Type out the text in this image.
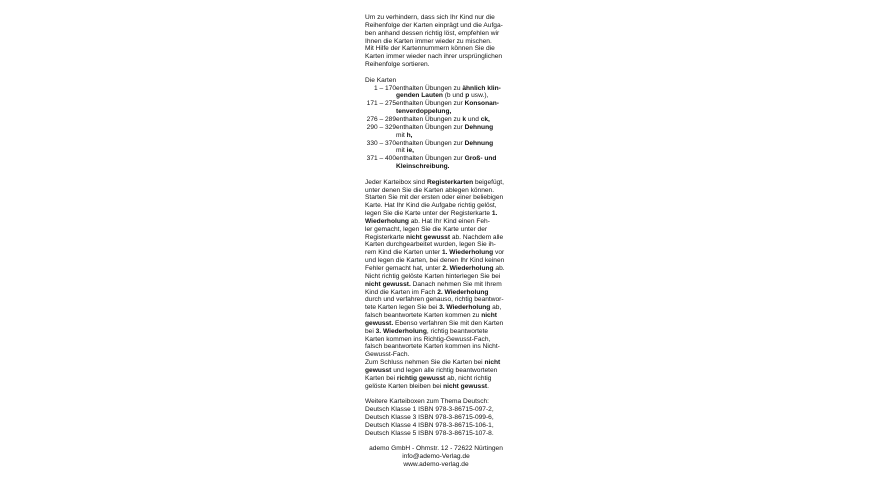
Um zu verhindern, dass sich Ihr Kind nur die

Reihenfolge der Karten einprägt und die Aufga-

ben anhand dessen richtig löst, empfehlen wir

Ihnen die Karten immer wieder zu mischen.

Mit Hilfe der Kartennummern können Sie die

Karten immer wieder nach ihrer ursprünglichen

Reihenfolge sortieren.

Die Karten

1 – 170 enthalten Übungen zu ähnlich klin-

genden Lauten (b und p usw.),

171 – 275 enthalten Übungen zur Konsonan-

tenverdoppelung,

276 – 289 enthalten Übungen zu k und ck,
290 – 329 enthalten Übungen zur Dehnung

mit h,

330 – 370 enthalten Übungen zur Dehnung

mit ie,

371 – 400 enthalten Übungen zur Groß- und

Kleinschreibung.

Jeder Karteibox sind Registerkarten beigefügt,

unter denen Sie die Karten ablegen können.

Starten Sie mit der ersten oder einer beliebigen

Karte. Hat Ihr Kind die Aufgabe richtig gelöst,

legen Sie die Karte unter der Registerkarte 1.

Wiederholung ab. Hat Ihr Kind einen Feh-

ler gemacht, legen Sie die Karte unter der

Registerkarte nicht gewusst ab. Nachdem alle

Karten durchgearbeitet wurden, legen Sie ih-

rem Kind die Karten unter 1. Wiederholung vor

und legen die Karten, bei denen Ihr Kind keinen

Fehler gemacht hat, unter 2. Wiederholung ab.

Nicht richtig gelöste Karten hinterlegen Sie bei

nicht gewusst. Danach nehmen Sie mit Ihrem

Kind die Karten im Fach 2. Wiederholung

durch und verfahren genauso, richtig beantwor-

tete Karten legen Sie bei 3. Wiederholung ab,

falsch beantwortete Karten kommen zu nicht

gewusst. Ebenso verfahren Sie mit den Karten

bei 3. Wiederholung, richtig beantwortete

Karten kommen ins Richtig-Gewusst-Fach,

falsch beantwortete Karten kommen ins Nicht-

Gewusst-Fach.

Zum Schluss nehmen Sie die Karten bei nicht

gewusst und legen alle richtig beantworteten

Karten bei richtig gewusst ab, nicht richtig

gelöste Karten bleiben bei nicht gewusst.

Weitere Karteiboxen zum Thema Deutsch:

Deutsch Klasse 1 ISBN 978-3-86715-097-2,

Deutsch Klasse 3 ISBN 978-3-86715-099-6,

Deutsch Klasse 4 ISBN 978-3-86715-106-1,

Deutsch Klasse 5 ISBN 978-3-86715-107-8.

ademo GmbH - Ohmstr. 12 - 72622 Nürtingen

info@ademo-Verlag.de

www.ademo-verlag.de
